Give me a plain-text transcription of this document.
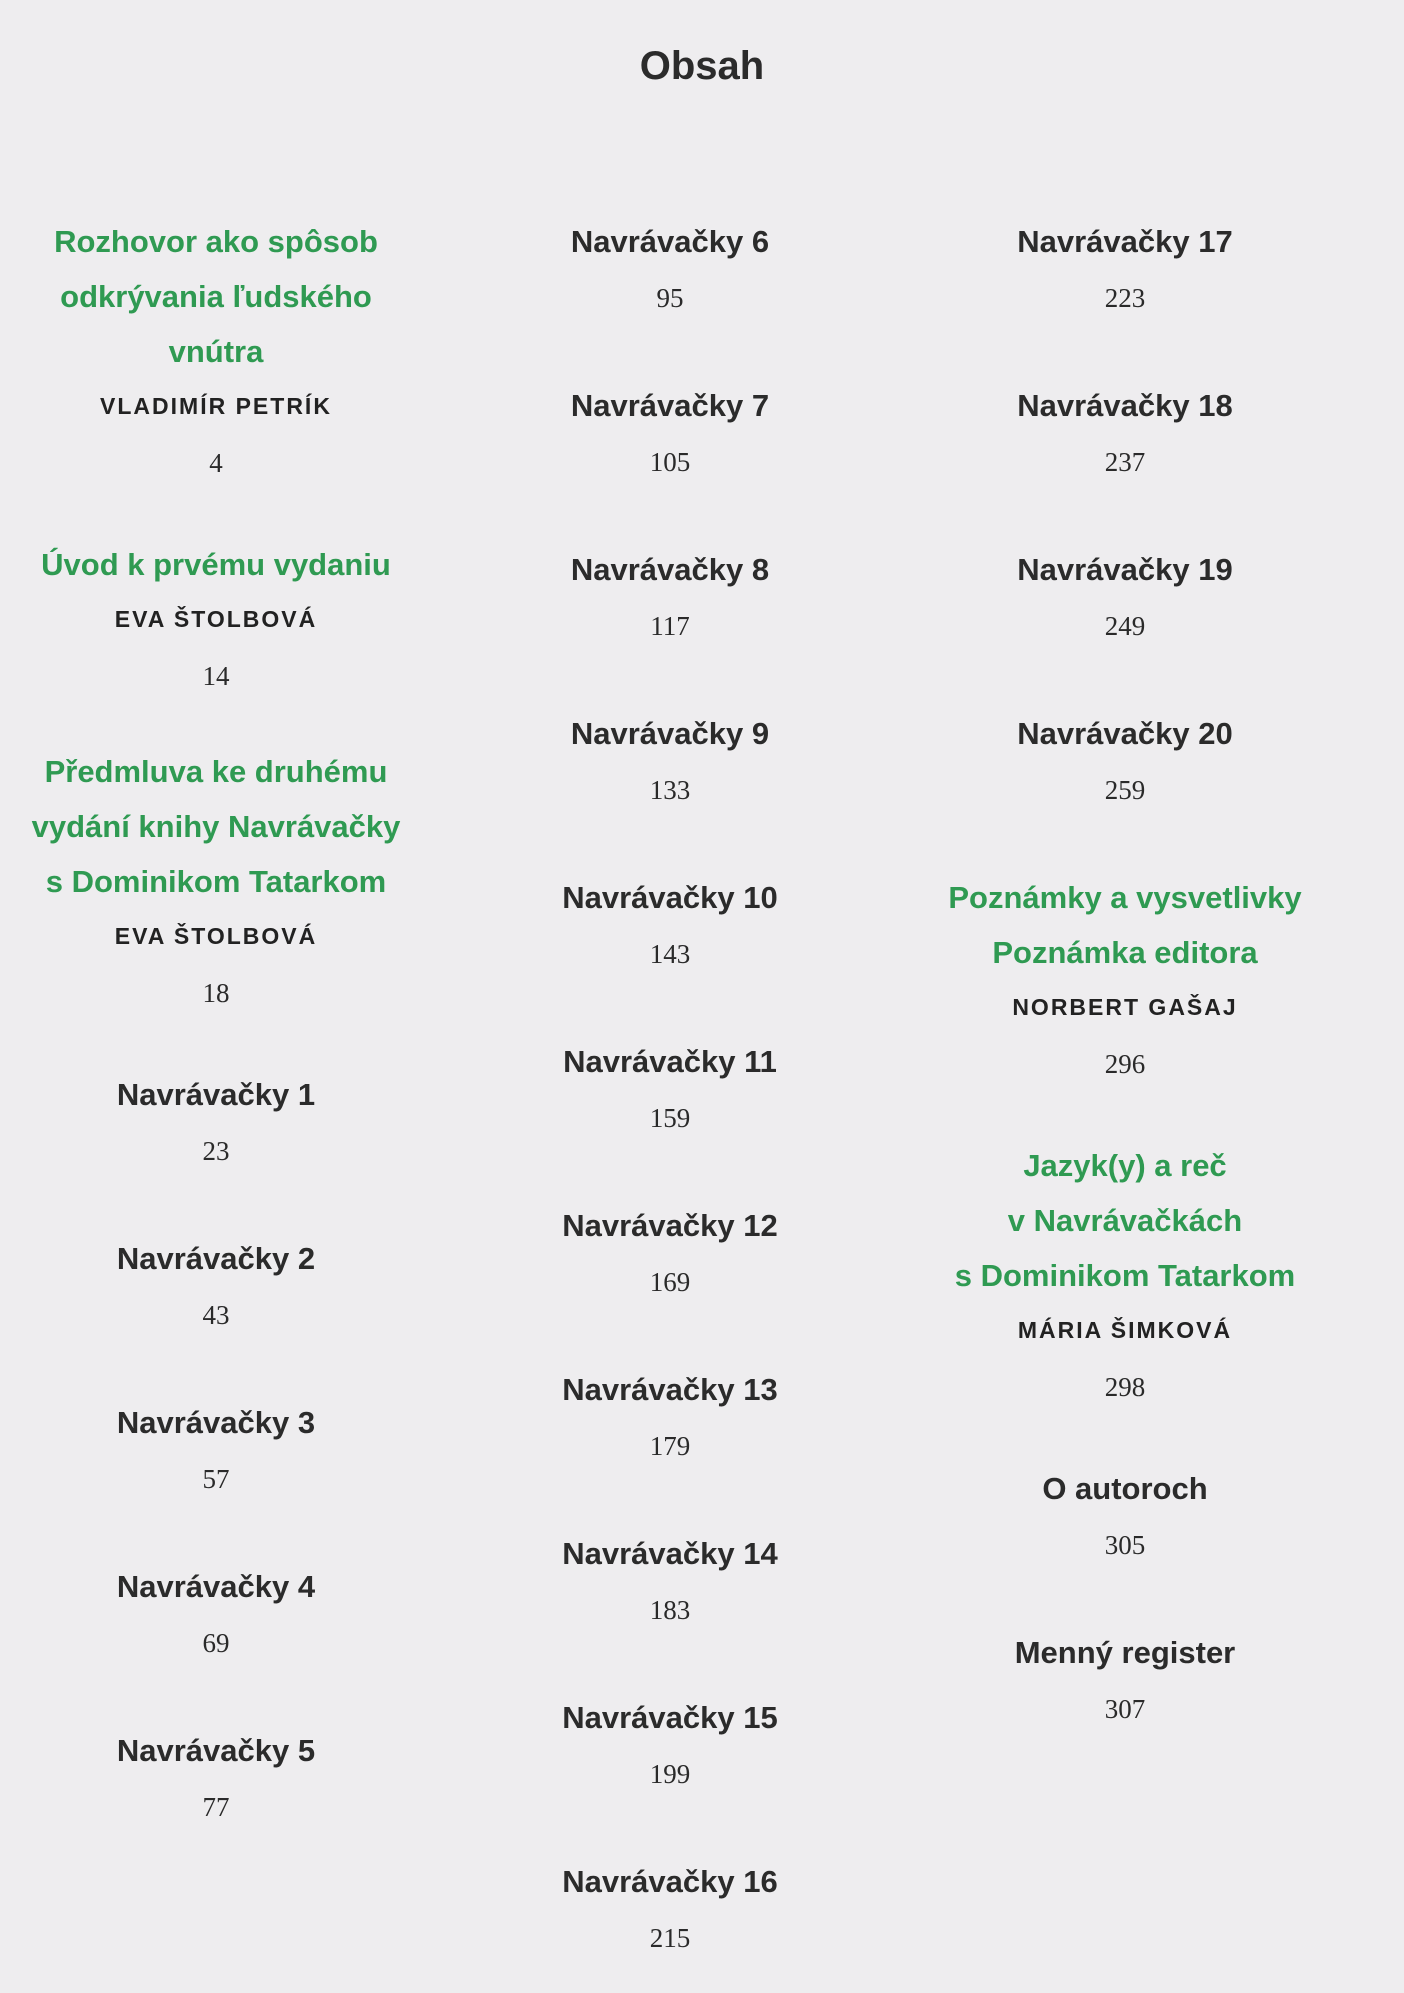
Obsah
Rozhovor ako spôsob
odkrývania ľudského
vnútra
VLADIMÍR PETRÍK
4
Úvod k prvému vydaniu
EVA ŠTOLBOVÁ
14
Předmluva ke druhému
vydání knihy Navrávačky
s Dominikom Tatarkom
EVA ŠTOLBOVÁ
18
Navrávačky 1
23
Navrávačky 2
43
Navrávačky 3
57
Navrávačky 4
69
Navrávačky 5
77
Navrávačky 6
95
Navrávačky 7
105
Navrávačky 8
117
Navrávačky 9
133
Navrávačky 10
143
Navrávačky 11
159
Navrávačky 12
169
Navrávačky 13
179
Navrávačky 14
183
Navrávačky 15
199
Navrávačky 16
215
Navrávačky 17
223
Navrávačky 18
237
Navrávačky 19
249
Navrávačky 20
259
Poznámky a vysvetlivky
Poznámka editora
NORBERT GAŠAJ
296
Jazyk(y) a reč
v Navrávačkách
s Dominikom Tatarkom
MÁRIA ŠIMKOVÁ
298
O autoroch
305
Menný register
307
